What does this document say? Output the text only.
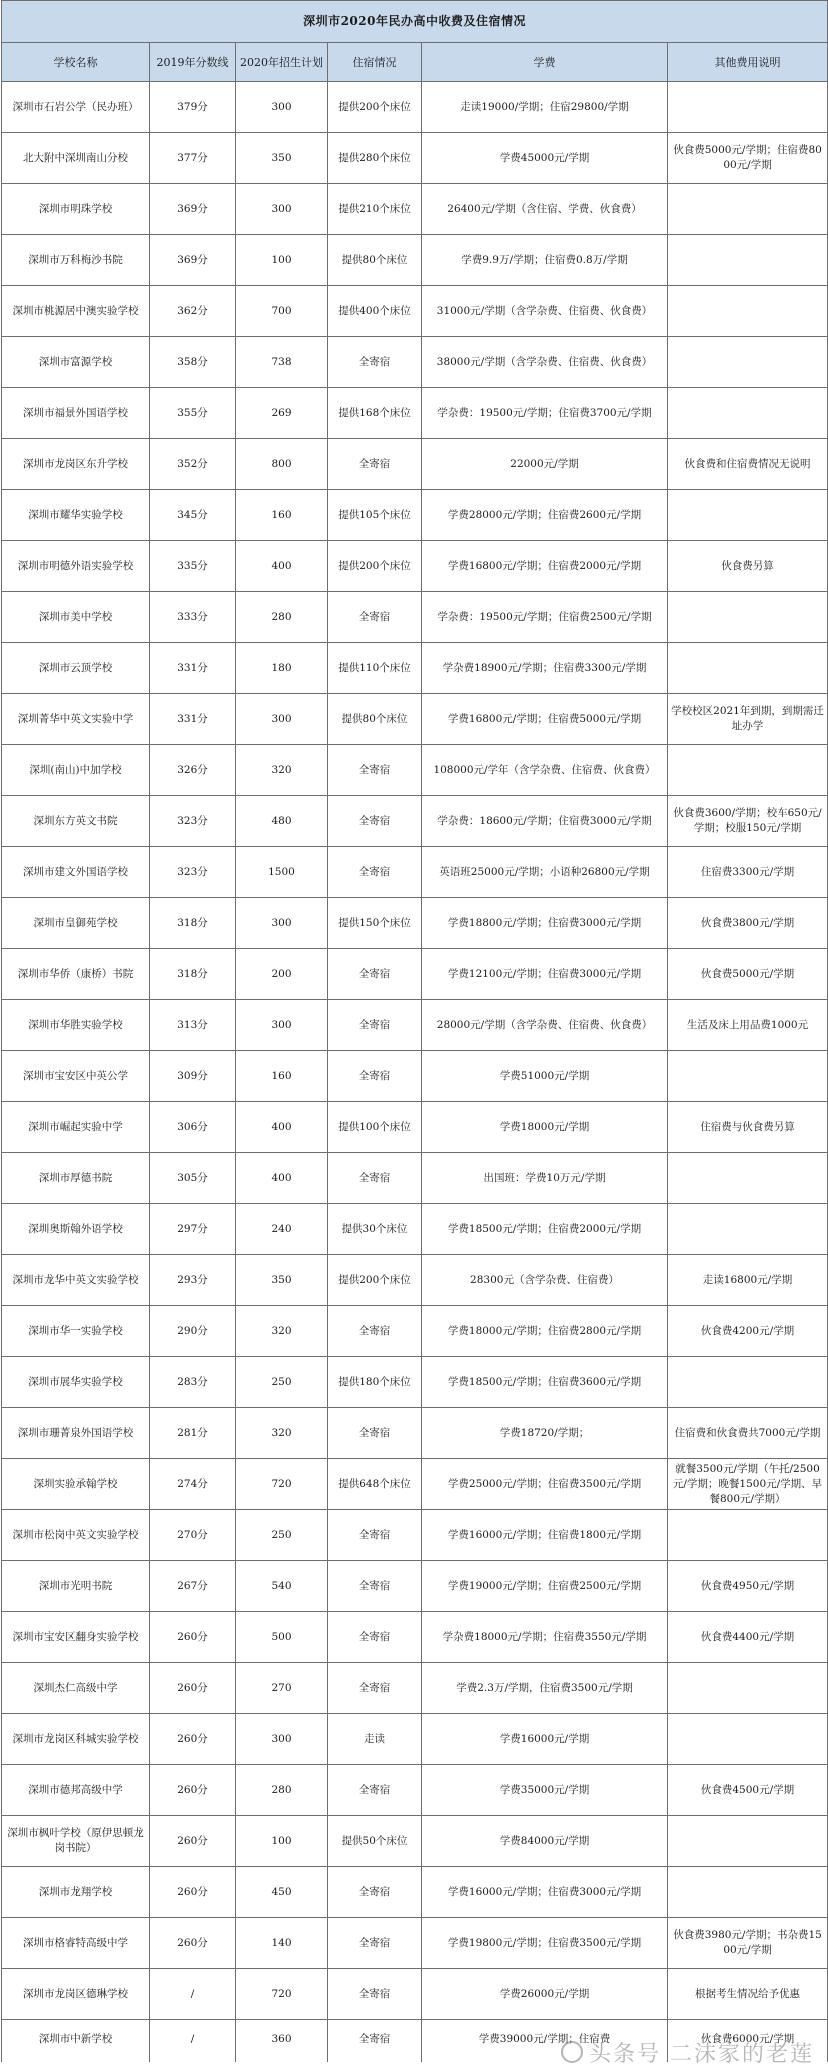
深圳市2020年民办高中收费及住宿情况					
学校名称	2019年分数线	2020年招生计划	住宿情况	学费	其他费用说明
深圳市石岩公学（民办班）	379分	300	提供200个床位	走读19000/学期；住宿29800/学期	
北大附中深圳南山分校	377分	350	提供280个床位	学费45000元/学期	伙食费5000元/学期；住宿费8000元/学期
深圳市明珠学校	369分	300	提供210个床位	26400元/学期（含住宿、学费、伙食费）	
深圳市万科梅沙书院	369分	100	提供80个床位	学费9.9万/学期；住宿费0.8万/学期	
深圳市桃源居中澳实验学校	362分	700	提供400个床位	31000元/学期（含学杂费、住宿费、伙食费）	
深圳市富源学校	358分	738	全寄宿	38000元/学期（含学杂费、住宿费、伙食费）	
深圳市福景外国语学校	355分	269	提供168个床位	学杂费：19500元/学期；住宿费3700元/学期	
深圳市龙岗区东升学校	352分	800	全寄宿	22000元/学期	伙食费和住宿费情况无说明
深圳市耀华实验学校	345分	160	提供105个床位	学费28000元/学期；住宿费2600元/学期	
深圳市明德外语实验学校	335分	400	提供200个床位	学费16800元/学期；住宿费2000元/学期	伙食费另算
深圳市美中学校	333分	280	全寄宿	学杂费：19500元/学期；住宿费2500元/学期	
深圳市云顶学校	331分	180	提供110个床位	学杂费18900元/学期；住宿费3300元/学期	
深圳菁华中英文实验中学	331分	300	提供80个床位	学费16800元/学期；住宿费5000元/学期	学校校区2021年到期，到期需迁址办学
深圳(南山)中加学校	326分	320	全寄宿	108000元/学年（含学杂费、住宿费、伙食费）	
深圳东方英文书院	323分	480	全寄宿	学杂费：18600元/学期；住宿费3000元/学期	伙食费3600/学期；校车650元/学期；校服150元/学期
深圳市建文外国语学校	323分	1500	全寄宿	英语班25000元/学期；小语种26800元/学期	住宿费3300元/学期
深圳市皇御苑学校	318分	300	提供150个床位	学费18800元/学期；住宿费3000元/学期	伙食费3800元/学期
深圳市华侨（康桥）书院	318分	200	全寄宿	学费12100元/学期；住宿费3000元/学期	伙食费5000元/学期
深圳市华胜实验学校	313分	300	全寄宿	28000元/学期（含学杂费、住宿费、伙食费）	生活及床上用品费1000元
深圳市宝安区中英公学	309分	160	全寄宿	学费51000元/学期	
深圳市崛起实验中学	306分	400	提供100个床位	学费18000元/学期	住宿费与伙食费另算
深圳市厚德书院	305分	400	全寄宿	出国班：学费10万元/学期	
深圳奥斯翰外语学校	297分	240	提供30个床位	学费18500元/学期；住宿费2000元/学期	
深圳市龙华中英文实验学校	293分	350	提供200个床位	28300元（含学杂费、住宿费）	走读16800元/学期
深圳市华一实验学校	290分	320	全寄宿	学费18000元/学期；住宿费2800元/学期	伙食费4200元/学期
深圳市展华实验学校	283分	250	提供180个床位	学费18500元/学期；住宿费3600元/学期	
深圳市珊菁泉外国语学校	281分	320	全寄宿	学费18720/学期；	住宿费和伙食费共7000元/学期
深圳实验承翰学校	274分	720	提供648个床位	学费25000元/学期；住宿费3500元/学期	就餐3500元/学期（午托/2500元/学期；晚餐1500元/学期、早餐800元/学期）
深圳市松岗中英文实验学校	270分	250	全寄宿	学费16000元/学期；住宿费1800元/学期	
深圳市光明书院	267分	540	全寄宿	学费19000元/学期；住宿费2500元/学期	伙食费4950元/学期
深圳市宝安区翻身实验学校	260分	500	全寄宿	学杂费18000元/学期；住宿费3550元/学期	伙食费4400元/学期
深圳杰仁高级中学	260分	270	全寄宿	学费2.3万/学期，住宿费3500元/学期	
深圳市龙岗区科城实验学校	260分	300	走读	学费16000元/学期	
深圳市德邦高级中学	260分	280	全寄宿	学费35000元/学期	伙食费4500元/学期
深圳市枫叶学校（原伊思顿龙岗书院）	260分	100	提供50个床位	学费84000元/学期	
深圳市龙翔学校	260分	450	全寄宿	学费16000元/学期；住宿费3000元/学期	
深圳市格睿特高级中学	260分	140	全寄宿	学费19800元/学期；住宿费3500元/学期	伙食费3980元/学期；书杂费1500元/学期
深圳市龙岗区德琳学校	/	720	全寄宿	学费26000元/学期	根据考生情况给予优惠
深圳市中新学校	/	360	全寄宿	学费39000元/学期；住宿费	伙食费6000元/学期
头条号 二沫家的老莲
